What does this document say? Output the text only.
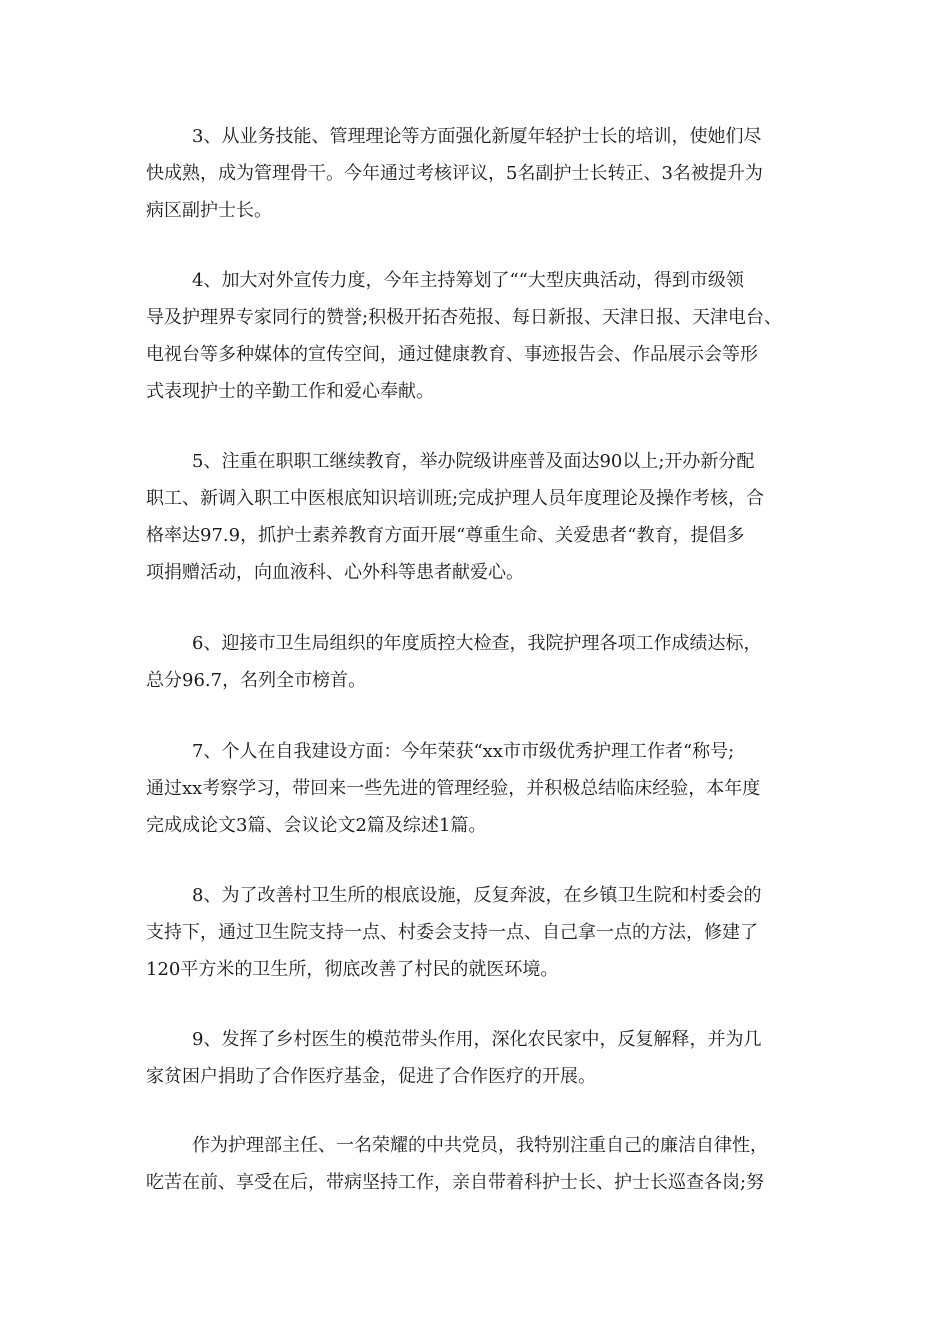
3、从业务技能、管理理论等方面强化新厦年轻护士长的培训，使她们尽
快成熟，成为管理骨干。今年通过考核评议，5名副护士长转正、3名被提升为
病区副护士长。

4、加大对外宣传力度，今年主持筹划了““大型庆典活动，得到市级领
导及护理界专家同行的赞誉;积极开拓杏苑报、每日新报、天津日报、天津电台、
电视台等多种媒体的宣传空间，通过健康教育、事迹报告会、作品展示会等形
式表现护士的辛勤工作和爱心奉献。

5、注重在职职工继续教育，举办院级讲座普及面达90以上;开办新分配
职工、新调入职工中医根底知识培训班;完成护理人员年度理论及操作考核，合
格率达97.9，抓护士素养教育方面开展“尊重生命、关爱患者“教育，提倡多
项捐赠活动，向血液科、心外科等患者献爱心。

6、迎接市卫生局组织的年度质控大检查，我院护理各项工作成绩达标，
总分96.7，名列全市榜首。

7、个人在自我建设方面：今年荣获“xx市市级优秀护理工作者“称号;
通过xx考察学习，带回来一些先进的管理经验，并积极总结临床经验，本年度
完成成论文3篇、会议论文2篇及综述1篇。

8、为了改善村卫生所的根底设施，反复奔波，在乡镇卫生院和村委会的
支持下，通过卫生院支持一点、村委会支持一点、自己拿一点的方法，修建了
120平方米的卫生所，彻底改善了村民的就医环境。

9、发挥了乡村医生的模范带头作用，深化农民家中，反复解释，并为几
家贫困户捐助了合作医疗基金，促进了合作医疗的开展。

作为护理部主任、一名荣耀的中共党员，我特别注重自己的廉洁自律性，
吃苦在前、享受在后，带病坚持工作，亲自带着科护士长、护士长巡查各岗;努
